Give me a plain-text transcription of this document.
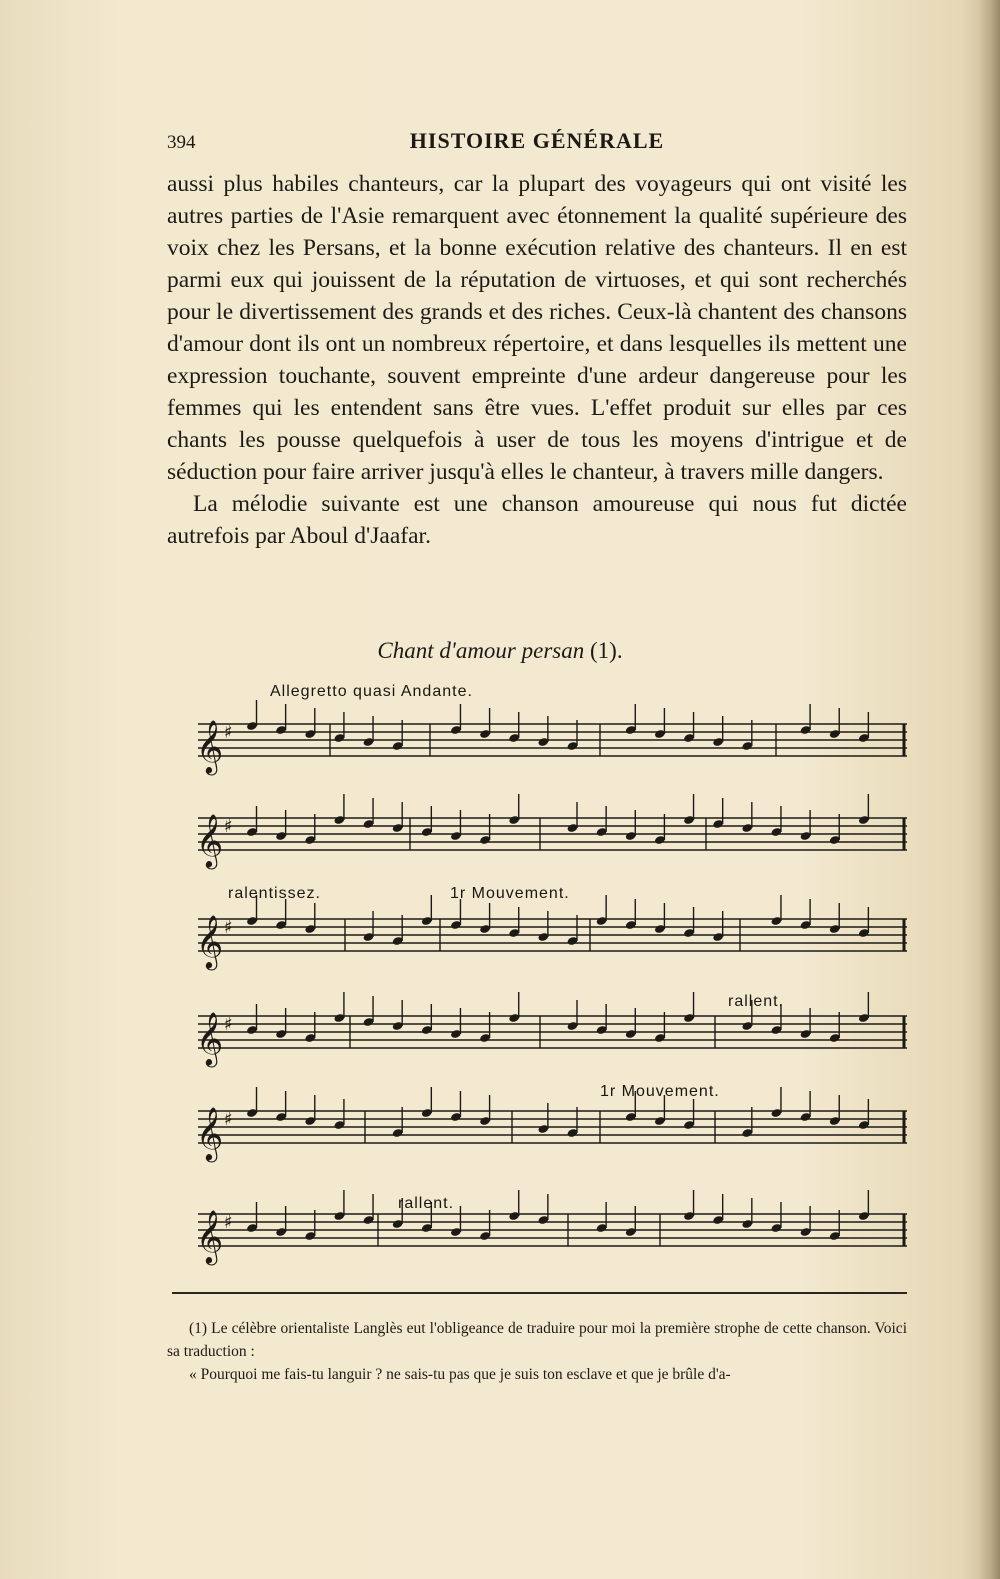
394	HISTOIRE GÉNÉRALE

aussi plus habiles chanteurs, car la plupart des voyageurs qui ont visité les autres parties de l'Asie remarquent avec étonnement la qualité supérieure des voix chez les Persans, et la bonne exécution relative des chanteurs. Il en est parmi eux qui jouissent de la réputation de virtuoses, et qui sont recherchés pour le divertissement des grands et des riches. Ceux-là chantent des chansons d'amour dont ils ont un nombreux répertoire, et dans lesquelles ils mettent une expression touchante, souvent empreinte d'une ardeur dangereuse pour les femmes qui les entendent sans être vues. L'effet produit sur elles par ces chants les pousse quelquefois à user de tous les moyens d'intrigue et de séduction pour faire arriver jusqu'à elles le chanteur, à travers mille dangers.

La mélodie suivante est une chanson amoureuse qui nous fut dictée autrefois par Aboul d'Jaafar.

Chant d'amour persan (1).
Allegretto quasi Andante.
ralentissez.	1r Mouvement.
rallent.
1r Mouvement.
rallent.
𝄞 ♯
𝄞 ♯
𝄞 ♯
𝄞 ♯
𝄞 ♯
𝄞 ♯

(1) Le célèbre orientaliste Langlès eut l'obligeance de traduire pour moi la première strophe de cette chanson. Voici sa traduction :

« Pourquoi me fais-tu languir ? ne sais-tu pas que je suis ton esclave et que je brûle d'a-
